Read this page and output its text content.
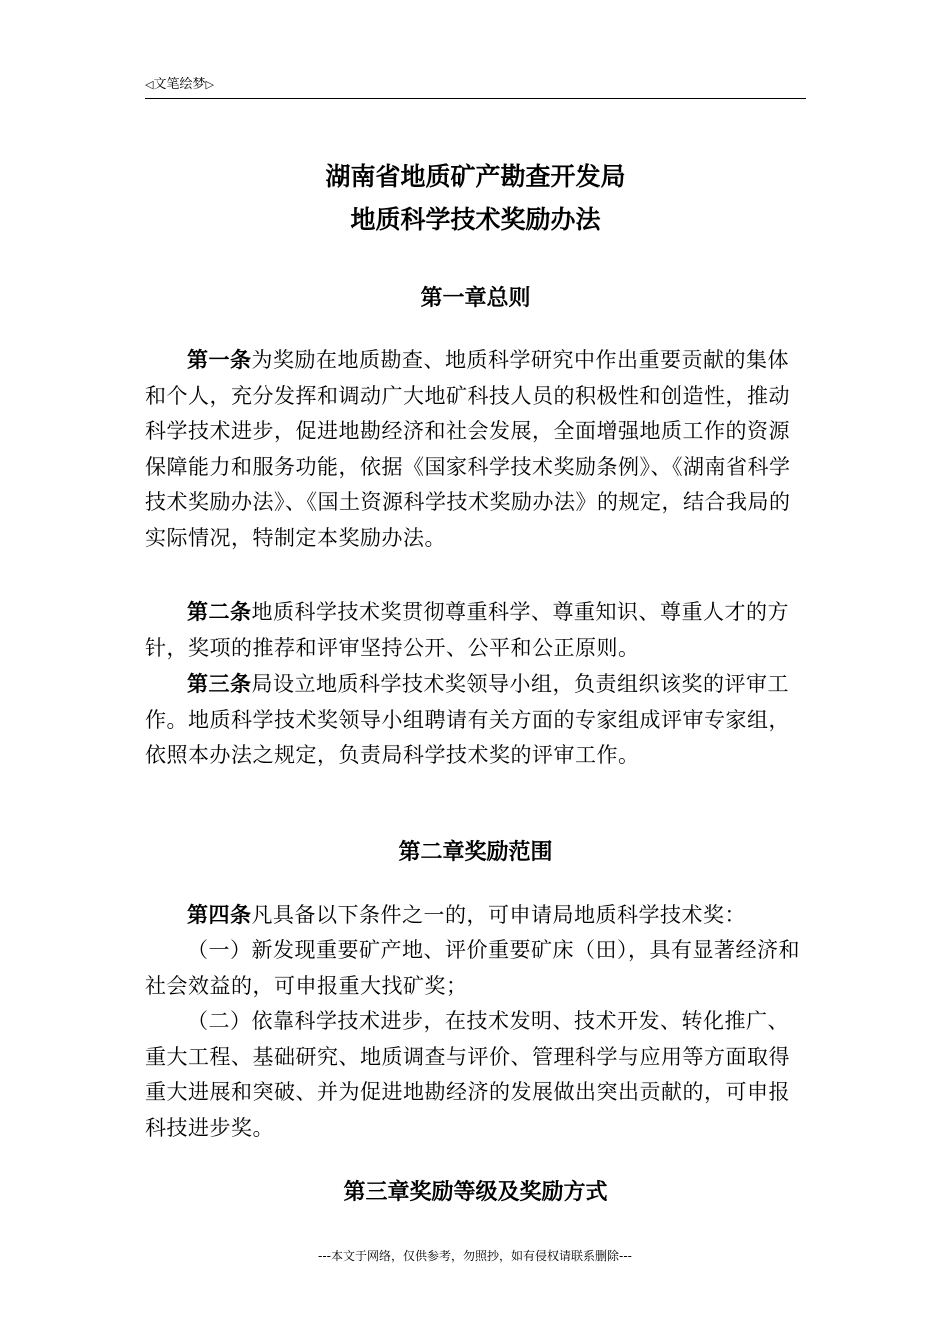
◁文笔绘梦▷
湖南省地质矿产勘查开发局
地质科学技术奖励办法
第一章总则
第一条为奖励在地质勘查、地质科学研究中作出重要贡献的集体和个人，充分发挥和调动广大地矿科技人员的积极性和创造性，推动科学技术进步，促进地勘经济和社会发展，全面增强地质工作的资源保障能力和服务功能，依据《国家科学技术奖励条例》、《湖南省科学技术奖励办法》、《国土资源科学技术奖励办法》的规定，结合我局的实际情况，特制定本奖励办法。
第二条地质科学技术奖贯彻尊重科学、尊重知识、尊重人才的方针，奖项的推荐和评审坚持公开、公平和公正原则。
第三条局设立地质科学技术奖领导小组，负责组织该奖的评审工作。地质科学技术奖领导小组聘请有关方面的专家组成评审专家组，依照本办法之规定，负责局科学技术奖的评审工作。
第二章奖励范围
第四条凡具备以下条件之一的，可申请局地质科学技术奖：
（一）新发现重要矿产地、评价重要矿床（田），具有显著经济和社会效益的，可申报重大找矿奖；
（二）依靠科学技术进步，在技术发明、技术开发、转化推广、重大工程、基础研究、地质调查与评价、管理科学与应用等方面取得重大进展和突破、并为促进地勘经济的发展做出突出贡献的，可申报科技进步奖。
第三章奖励等级及奖励方式
---本文于网络，仅供参考，勿照抄，如有侵权请联系删除---
